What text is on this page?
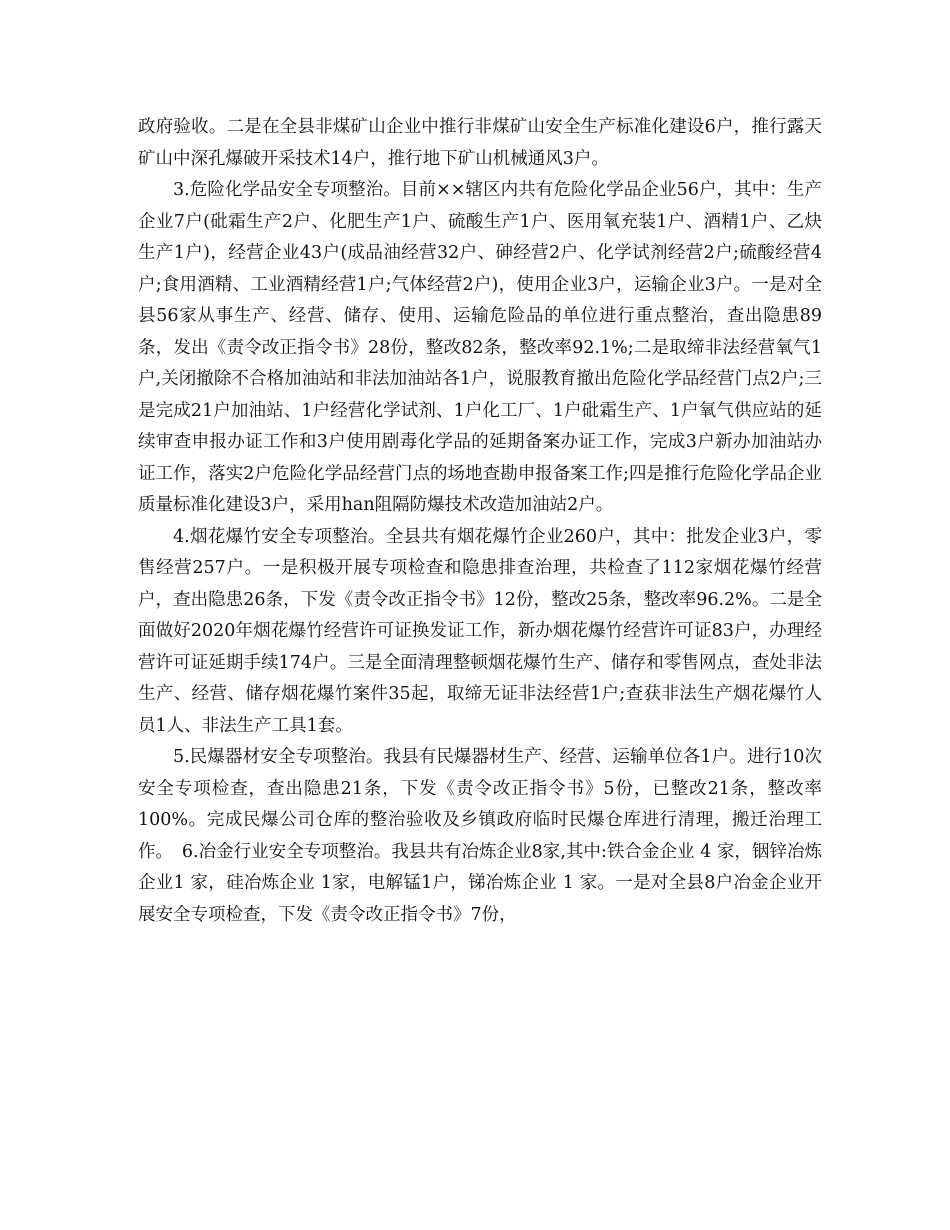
政府验收。二是在全县非煤矿山企业中推行非煤矿山安全生产标准化建设6户，推行露天矿山中深孔爆破开采技术14户，推行地下矿山机械通风3户。

3.危险化学品安全专项整治。目前××辖区内共有危险化学品企业56户，其中：生产企业7户(砒霜生产2户、化肥生产1户、硫酸生产1户、医用氧充装1户、酒精1户、乙炔生产1户)，经营企业43户(成品油经营32户、砷经营2户、化学试剂经营2户;硫酸经营4户;食用酒精、工业酒精经营1户;气体经营2户)，使用企业3户，运输企业3户。一是对全县56家从事生产、经营、储存、使用、运输危险品的单位进行重点整治，查出隐患89条，发出《责令改正指令书》28份，整改82条，整改率92.1%;二是取缔非法经营氧气1户,关闭撤除不合格加油站和非法加油站各1户，说服教育撤出危险化学品经营门点2户;三是完成21户加油站、1户经营化学试剂、1户化工厂、1户砒霜生产、1户氧气供应站的延续审查申报办证工作和3户使用剧毒化学品的延期备案办证工作，完成3户新办加油站办证工作，落实2户危险化学品经营门点的场地查勘申报备案工作;四是推行危险化学品企业质量标准化建设3户，采用han阻隔防爆技术改造加油站2户。

4.烟花爆竹安全专项整治。全县共有烟花爆竹企业260户，其中：批发企业3户，零售经营257户。一是积极开展专项检查和隐患排查治理，共检查了112家烟花爆竹经营户，查出隐患26条，下发《责令改正指令书》12份，整改25条，整改率96.2%。二是全面做好2020年烟花爆竹经营许可证换发证工作，新办烟花爆竹经营许可证83户，办理经营许可证延期手续174户。三是全面清理整顿烟花爆竹生产、储存和零售网点，查处非法生产、经营、储存烟花爆竹案件35起，取缔无证非法经营1户;查获非法生产烟花爆竹人员1人、非法生产工具1套。

5.民爆器材安全专项整治。我县有民爆器材生产、经营、运输单位各1户。进行10次安全专项检查，查出隐患21条，下发《责令改正指令书》5份，已整改21条，整改率100%。完成民爆公司仓库的整治验收及乡镇政府临时民爆仓库进行清理，搬迁治理工作。　6.冶金行业安全专项整治。我县共有冶炼企业8家,其中:铁合金企业 4 家，铟锌冶炼企业1 家，硅冶炼企业 1家，电解锰1户，锑冶炼企业 1 家。一是对全县8户冶金企业开展安全专项检查，下发《责令改正指令书》7份，
